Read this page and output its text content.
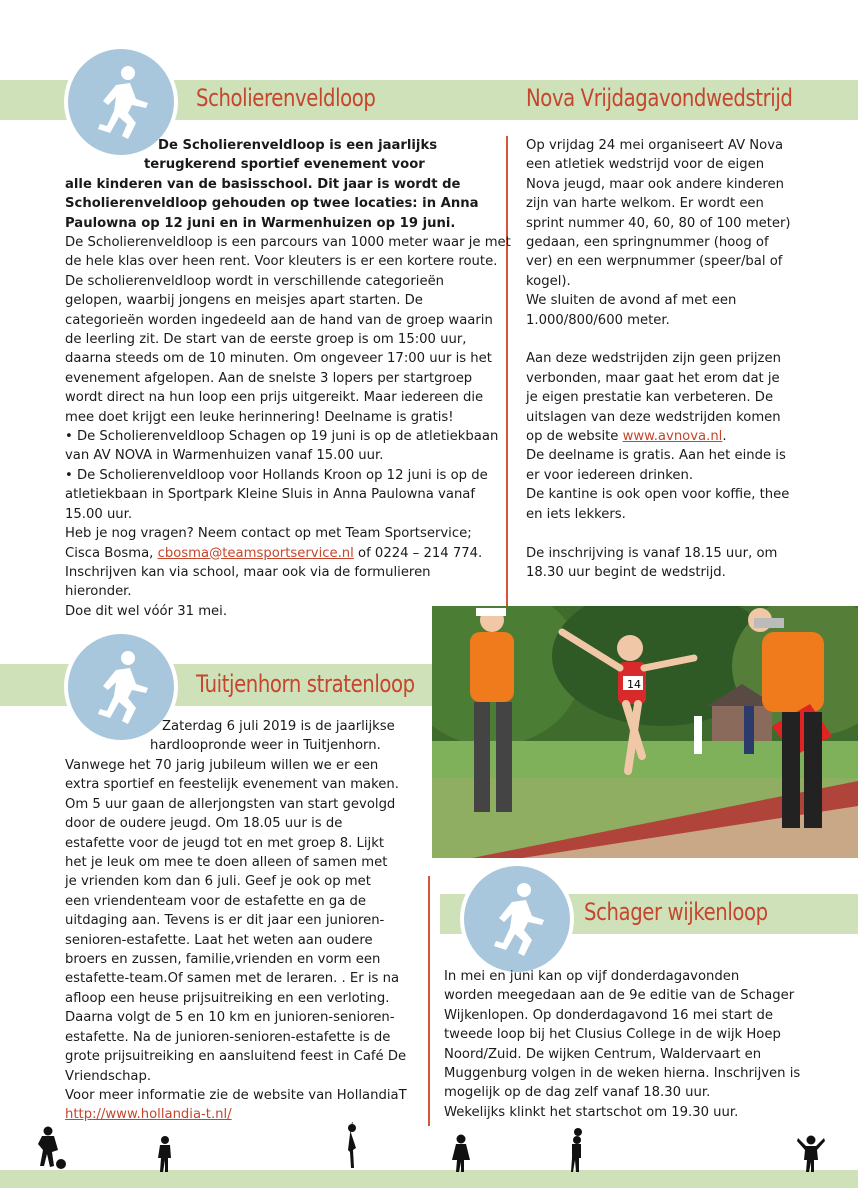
Scholierenveldloop	Nova Vrijdagavondwedstrijd
Tuitjenhorn stratenloop
Schager wijkenloop

De Scholierenveldloop is een jaarlijks

terugkerend sportief evenement voor

alle kinderen van de basisschool. Dit jaar is wordt de

Scholierenveldloop gehouden op twee locaties: in Anna

Paulowna op 12 juni en in Warmenhuizen op 19 juni.

De Scholierenveldloop is een parcours van 1000 meter waar je met

de hele klas over heen rent. Voor kleuters is er een kortere route.

De scholierenveldloop wordt in verschillende categorieën

gelopen, waarbij jongens en meisjes apart starten. De

categorieën worden ingedeeld aan de hand van de groep waarin

de leerling zit. De start van de eerste groep is om 15:00 uur,

daarna steeds om de 10 minuten. Om ongeveer 17:00 uur is het

evenement afgelopen. Aan de snelste 3 lopers per startgroep

wordt direct na hun loop een prijs uitgereikt. Maar iedereen die

mee doet krijgt een leuke herinnering! Deelname is gratis!

• De Scholierenveldloop Schagen op 19 juni is op de atletiekbaan

van AV NOVA in Warmenhuizen vanaf 15.00 uur.

• De Scholierenveldloop voor Hollands Kroon op 12 juni is op de

atletiekbaan in Sportpark Kleine Sluis in Anna Paulowna vanaf

15.00 uur.

Heb je nog vragen? Neem contact op met Team Sportservice;

Cisca Bosma, cbosma@teamsportservice.nl of 0224 – 214 774.

Inschrijven kan via school, maar ook via de formulieren

hieronder.

Doe dit wel vóór 31 mei.

Op vrijdag 24 mei organiseert AV Nova

een atletiek wedstrijd voor de eigen

Nova jeugd, maar ook andere kinderen

zijn van harte welkom. Er wordt een

sprint nummer 40, 60, 80 of 100 meter)

gedaan, een springnummer (hoog of

ver) en een werpnummer (speer/bal of

kogel).

We sluiten de avond af met een

1.000/800/600 meter.

Aan deze wedstrijden zijn geen prijzen

verbonden, maar gaat het erom dat je

je eigen prestatie kan verbeteren. De

uitslagen van deze wedstrijden komen

op de website www.avnova.nl.

De deelname is gratis. Aan het einde is

er voor iedereen drinken.

De kantine is ook open voor koffie, thee

en iets lekkers.

De inschrijving is vanaf 18.15 uur, om

18.30 uur begint de wedstrijd.

14

Zaterdag 6 juli 2019 is de jaarlijkse

hardloopronde weer in Tuitjenhorn.

Vanwege het 70 jarig jubileum willen we er een

extra sportief en feestelijk evenement van maken.

Om 5 uur gaan de allerjongsten van start gevolgd

door de oudere jeugd. Om 18.05 uur is de

estafette voor de jeugd tot en met groep 8. Lijkt

het je leuk om mee te doen alleen of samen met

je vrienden kom dan 6 juli. Geef je ook op met

een vriendenteam voor de estafette en ga de

uitdaging aan. Tevens is er dit jaar een junioren-

senioren-estafette. Laat het weten aan oudere

broers en zussen, familie,vrienden en vorm een

estafette-team.Of samen met de leraren. . Er is na

afloop een heuse prijsuitreiking en een verloting.

Daarna volgt de 5 en 10 km en junioren-senioren-

estafette. Na de junioren-senioren-estafette is de

grote prijsuitreiking en aansluitend feest in Café De

Vriendschap.

Voor meer informatie zie de website van HollandiaT

http://www.hollandia-t.nl/

In mei en juni kan op vijf donderdagavonden

worden meegedaan aan de 9e editie van de Schager

Wijkenlopen. Op donderdagavond 16 mei start de

tweede loop bij het Clusius College in de wijk Hoep

Noord/Zuid. De wijken Centrum, Waldervaart en

Muggenburg volgen in de weken hierna. Inschrijven is

mogelijk op de dag zelf vanaf 18.30 uur.

Wekelijks klinkt het startschot om 19.30 uur.
